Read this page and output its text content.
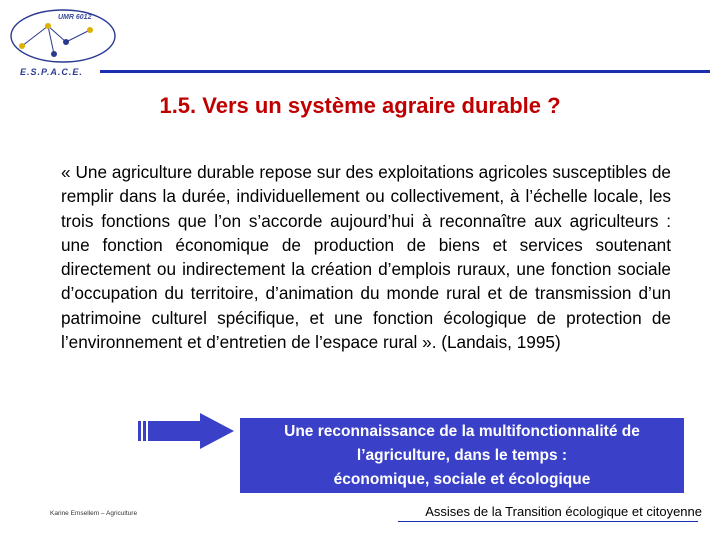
UMR 6012
E.S.P.A.C.E.
1.5. Vers un système agraire durable ?
« Une agriculture durable repose sur des exploitations agricoles susceptibles de remplir dans la durée, individuellement ou collectivement, à l’échelle locale, les trois fonctions que l’on s’accorde aujourd’hui à reconnaître aux agriculteurs : une fonction économique de production de biens et services soutenant directement ou indirectement la création d’emplois ruraux, une fonction sociale d’occupation du territoire, d’animation du monde rural et de transmission d’un patrimoine culturel spécifique, et une fonction écologique de protection de l’environnement et d’entretien de l’espace rural ». (Landais, 1995)
Une reconnaissance de la multifonctionnalité de
l’agriculture, dans le temps :
économique, sociale et écologique
Karine Emsellem – Agriculture	Assises de la Transition écologique et citoyenne
